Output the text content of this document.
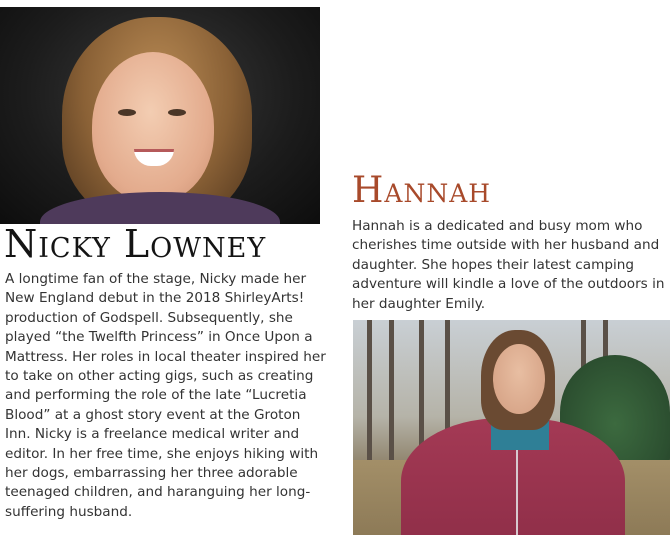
Nicky Lowney

A longtime fan of the stage, Nicky made her New England debut in the 2018 ShirleyArts! production of Godspell. Subsequently, she played “the Twelfth Princess” in Once Upon a Mattress. Her roles in local theater inspired her to take on other acting gigs, such as creating and performing the role of the late “Lucretia Blood” at a ghost story event at the Groton Inn. Nicky is a freelance medical writer and editor. In her free time, she enjoys hiking with her dogs, embarrassing her three adorable teenaged children, and haranguing her long-suffering husband.

Hannah

Hannah is a dedicated and busy mom who cherishes time outside with her husband and daughter. She hopes their latest camping adventure will kindle a love of the outdoors in her daughter Emily.
